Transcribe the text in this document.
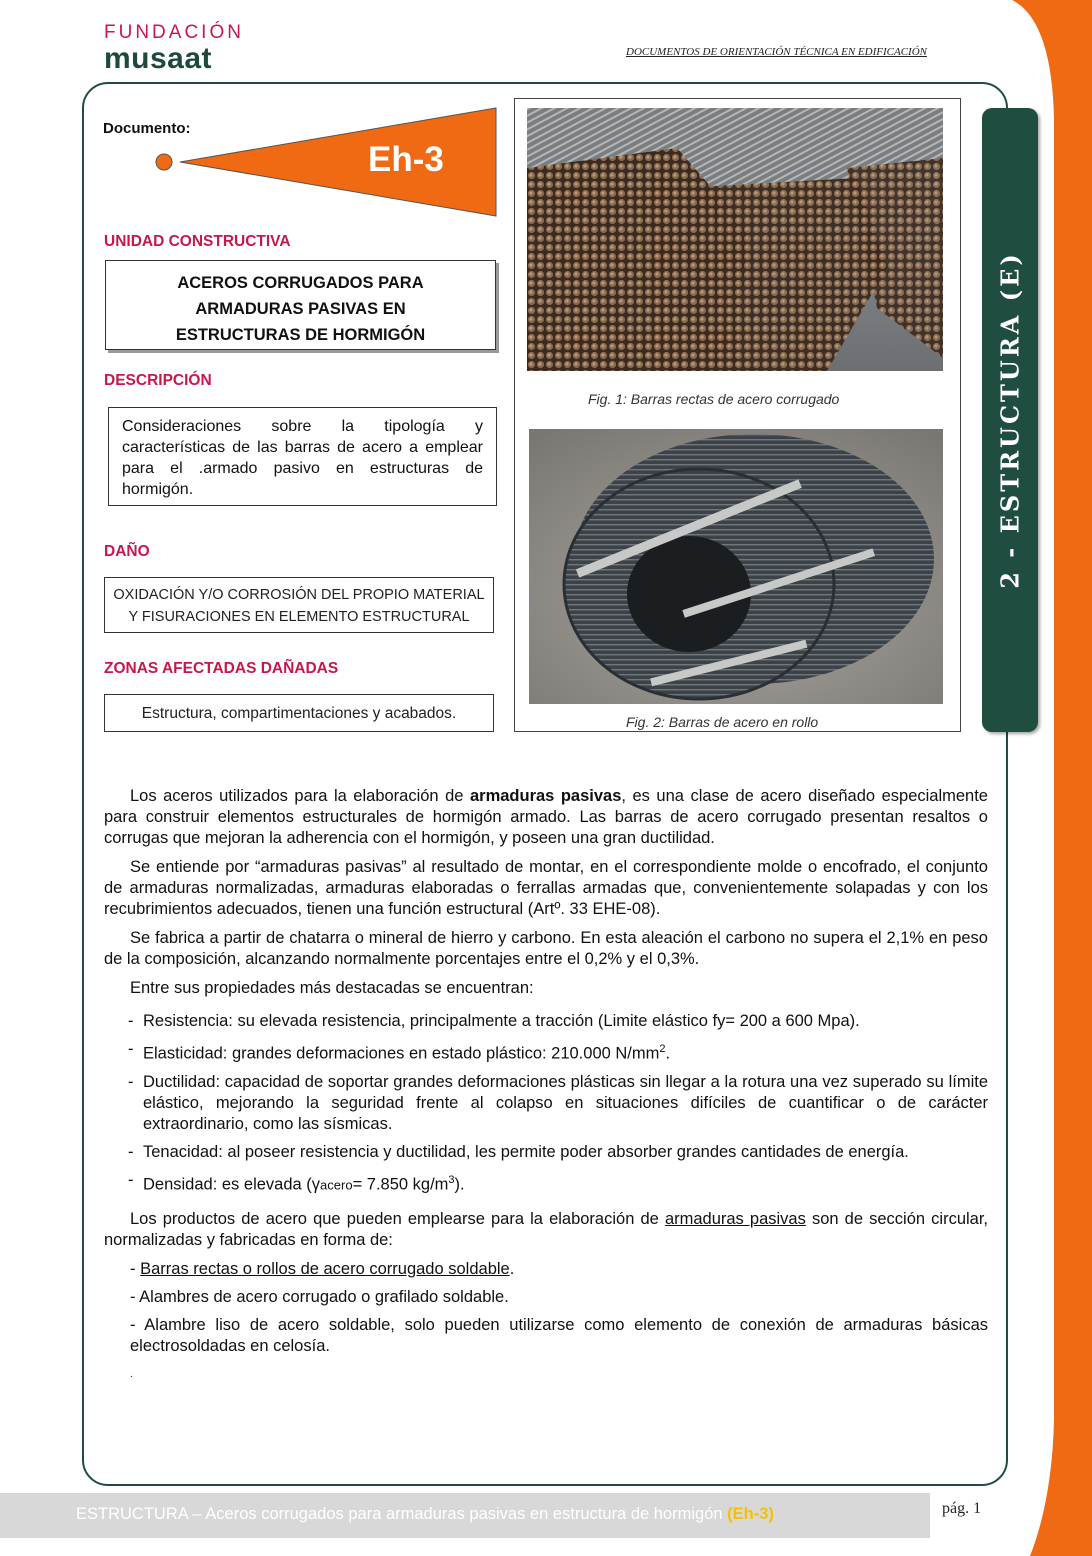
FUNDACIÓN
musaat	DOCUMENTOS DE ORIENTACIÓN TÉCNICA EN EDIFICACIÓN
2 - ESTRUCTURA (E)
Documento:
Eh-3
UNIDAD CONSTRUCTIVA
ACEROS CORRUGADOS PARA
ARMADURAS PASIVAS EN
ESTRUCTURAS DE HORMIGÓN
DESCRIPCIÓN
Consideraciones sobre la tipología y características de las barras de acero a emplear para el .armado pasivo en estructuras de hormigón.
DAÑO
OXIDACIÓN Y/O CORROSIÓN DEL PROPIO MATERIAL
Y FISURACIONES EN ELEMENTO ESTRUCTURAL
ZONAS AFECTADAS DAÑADAS
Estructura, compartimentaciones y acabados.
Fig. 1: Barras rectas de acero corrugado
Fig. 2: Barras de acero en rollo

Los aceros utilizados para la elaboración de armaduras pasivas, es una clase de acero diseñado especialmente para construir elementos estructurales de hormigón armado. Las barras de acero corrugado presentan resaltos o corrugas que mejoran la adherencia con el hormigón, y poseen una gran ductilidad.

Se entiende por “armaduras pasivas” al resultado de montar, en el correspondiente molde o encofrado, el conjunto de armaduras normalizadas, armaduras elaboradas o ferrallas armadas que, convenientemente solapadas y con los recubrimientos adecuados, tienen una función estructural (Artº. 33 EHE-08).

Se fabrica a partir de chatarra o mineral de hierro y carbono. En esta aleación el carbono no supera el 2,1% en peso de la composición, alcanzando normalmente porcentajes entre el 0,2% y el 0,3%.

Entre sus propiedades más destacadas se encuentran:

- Resistencia: su elevada resistencia, principalmente a tracción (Limite elástico fy= 200 a 600 Mpa).
- Elasticidad: grandes deformaciones en estado plástico: 210.000 $N/mm^2$.
- Ductilidad: capacidad de soportar grandes deformaciones plásticas sin llegar a la rotura una vez superado su límite elástico, mejorando la seguridad frente al colapso en situaciones difíciles de cuantificar o de carácter extraordinario, como las sísmicas.
- Tenacidad: al poseer resistencia y ductilidad, les permite poder absorber grandes cantidades de energía.
- Densidad: es elevada (γacero= 7.850 $kg/m^3$).

Los productos de acero que pueden emplearse para la elaboración de armaduras pasivas son de sección circular, normalizadas y fabricadas en forma de:

- Barras rectas o rollos de acero corrugado soldable.
- Alambres de acero corrugado o grafilado soldable.
- Alambre liso de acero soldable, solo pueden utilizarse como elemento de conexión de armaduras básicas electrosoldadas en celosía.
.
ESTRUCTURA – Aceros corrugados para armaduras pasivas en estructura de hormigón (Eh-3)	pág. 1
